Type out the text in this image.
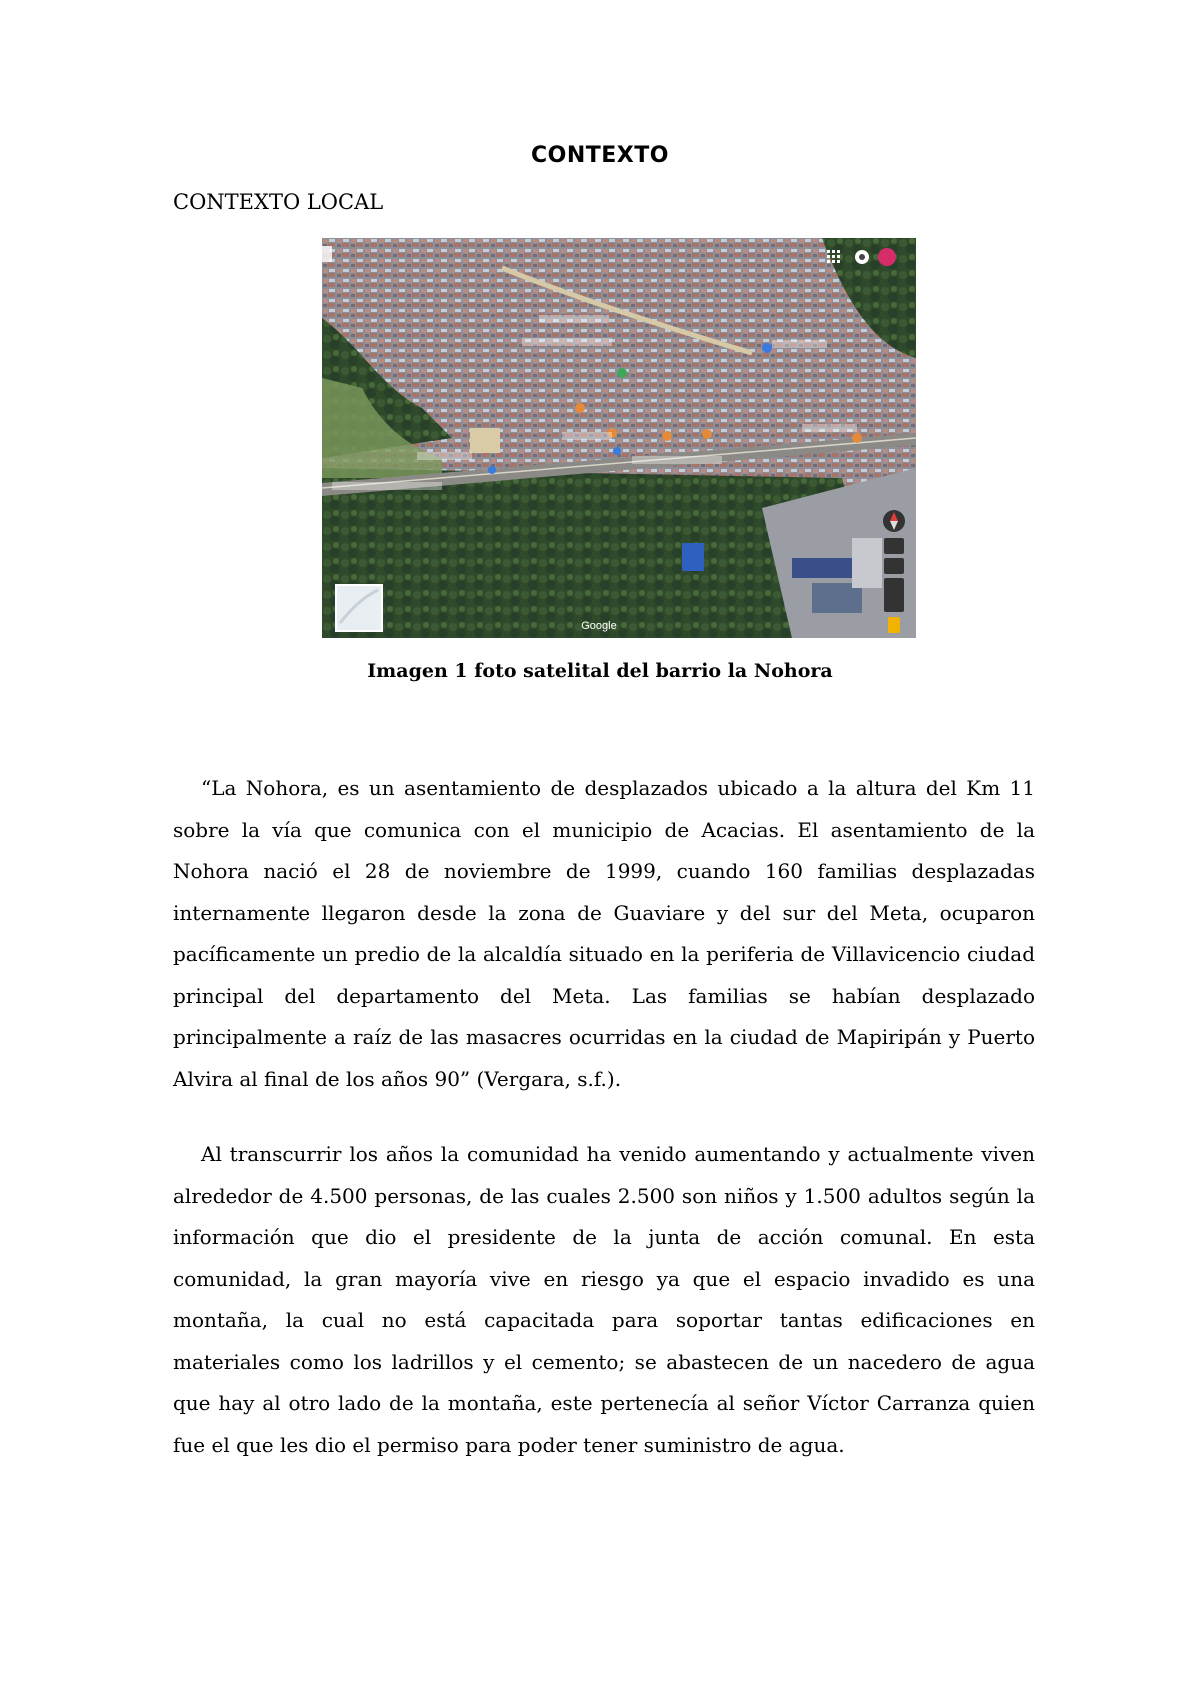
CONTEXTO
CONTEXTO LOCAL
Google
Imagen 1 foto satelital del barrio la Nohora

“La Nohora, es un asentamiento de desplazados ubicado a la altura del Km 11 sobre la vía que comunica con el municipio de Acacias. El asentamiento de la Nohora nació el 28 de noviembre de 1999, cuando 160 familias desplazadas internamente llegaron desde la zona de Guaviare y del sur del Meta, ocuparon pacíficamente un predio de la alcaldía situado en la periferia de Villavicencio ciudad principal del departamento del Meta. Las familias se habían desplazado principalmente a raíz de las masacres ocurridas en la ciudad de Mapiripán y Puerto Alvira al final de los años 90” (Vergara, s.f.).

Al transcurrir los años la comunidad ha venido aumentando y actualmente viven alrededor de 4.500 personas, de las cuales 2.500 son niños y 1.500 adultos según la información que dio el presidente de la junta de acción comunal. En esta comunidad, la gran mayoría vive en riesgo ya que el espacio invadido es una montaña, la cual no está capacitada para soportar tantas edificaciones en materiales como los ladrillos y el cemento; se abastecen de un nacedero de agua que hay al otro lado de la montaña, este pertenecía al señor Víctor Carranza quien fue el que les dio el permiso para poder tener suministro de agua.
